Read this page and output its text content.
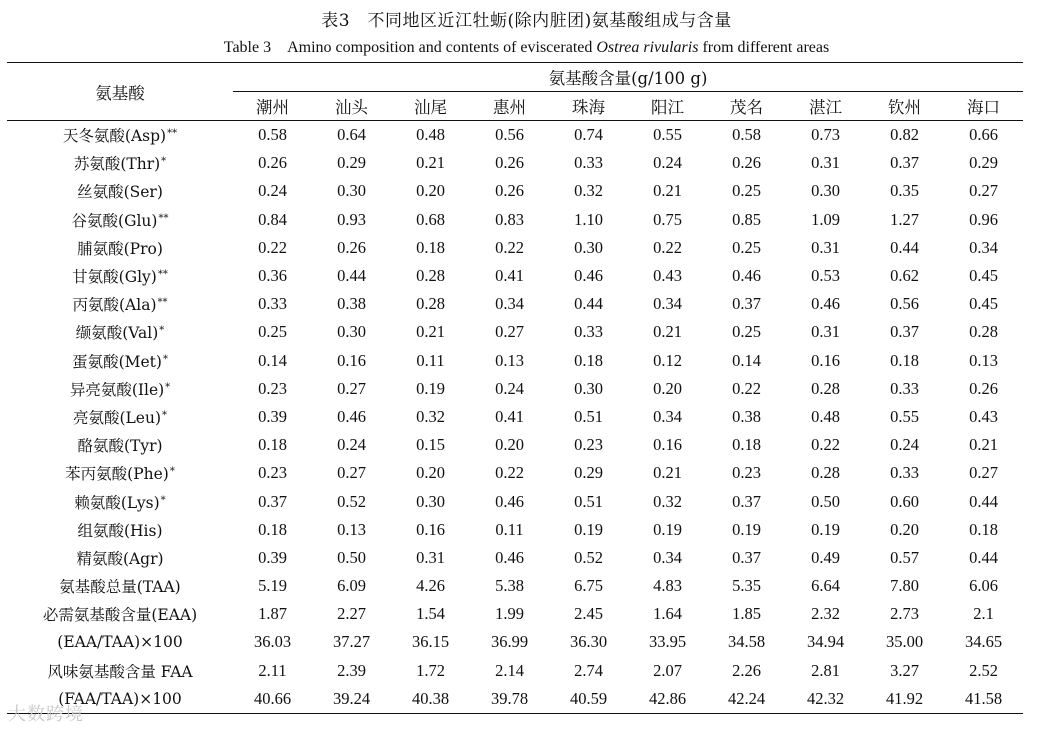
表3　不同地区近江牡蛎(除内脏团)氨基酸组成与含量
Table 3　Amino composition and contents of eviscerated Ostrea rivularis from different areas
氨基酸	氨基酸含量(g/100 g)									
	潮州	汕头	汕尾	惠州	珠海	阳江	茂名	湛江	钦州	海口
天冬氨酸(Asp)**	0.58	0.64	0.48	0.56	0.74	0.55	0.58	0.73	0.82	0.66
苏氨酸(Thr)*	0.26	0.29	0.21	0.26	0.33	0.24	0.26	0.31	0.37	0.29
丝氨酸(Ser)	0.24	0.30	0.20	0.26	0.32	0.21	0.25	0.30	0.35	0.27
谷氨酸(Glu)**	0.84	0.93	0.68	0.83	1.10	0.75	0.85	1.09	1.27	0.96
脯氨酸(Pro)	0.22	0.26	0.18	0.22	0.30	0.22	0.25	0.31	0.44	0.34
甘氨酸(Gly)**	0.36	0.44	0.28	0.41	0.46	0.43	0.46	0.53	0.62	0.45
丙氨酸(Ala)**	0.33	0.38	0.28	0.34	0.44	0.34	0.37	0.46	0.56	0.45
缬氨酸(Val)*	0.25	0.30	0.21	0.27	0.33	0.21	0.25	0.31	0.37	0.28
蛋氨酸(Met)*	0.14	0.16	0.11	0.13	0.18	0.12	0.14	0.16	0.18	0.13
异亮氨酸(Ile)*	0.23	0.27	0.19	0.24	0.30	0.20	0.22	0.28	0.33	0.26
亮氨酸(Leu)*	0.39	0.46	0.32	0.41	0.51	0.34	0.38	0.48	0.55	0.43
酪氨酸(Tyr)	0.18	0.24	0.15	0.20	0.23	0.16	0.18	0.22	0.24	0.21
苯丙氨酸(Phe)*	0.23	0.27	0.20	0.22	0.29	0.21	0.23	0.28	0.33	0.27
赖氨酸(Lys)*	0.37	0.52	0.30	0.46	0.51	0.32	0.37	0.50	0.60	0.44
组氨酸(His)	0.18	0.13	0.16	0.11	0.19	0.19	0.19	0.19	0.20	0.18
精氨酸(Agr)	0.39	0.50	0.31	0.46	0.52	0.34	0.37	0.49	0.57	0.44
氨基酸总量(TAA)	5.19	6.09	4.26	5.38	6.75	4.83	5.35	6.64	7.80	6.06
必需氨基酸含量(EAA)	1.87	2.27	1.54	1.99	2.45	1.64	1.85	2.32	2.73	2.1
(EAA/TAA)×100	36.03	37.27	36.15	36.99	36.30	33.95	34.58	34.94	35.00	34.65
风味氨基酸含量 FAA	2.11	2.39	1.72	2.14	2.74	2.07	2.26	2.81	3.27	2.52
(FAA/TAA)×100	40.66	39.24	40.38	39.78	40.59	42.86	42.24	42.32	41.92	41.58
大数跨境
